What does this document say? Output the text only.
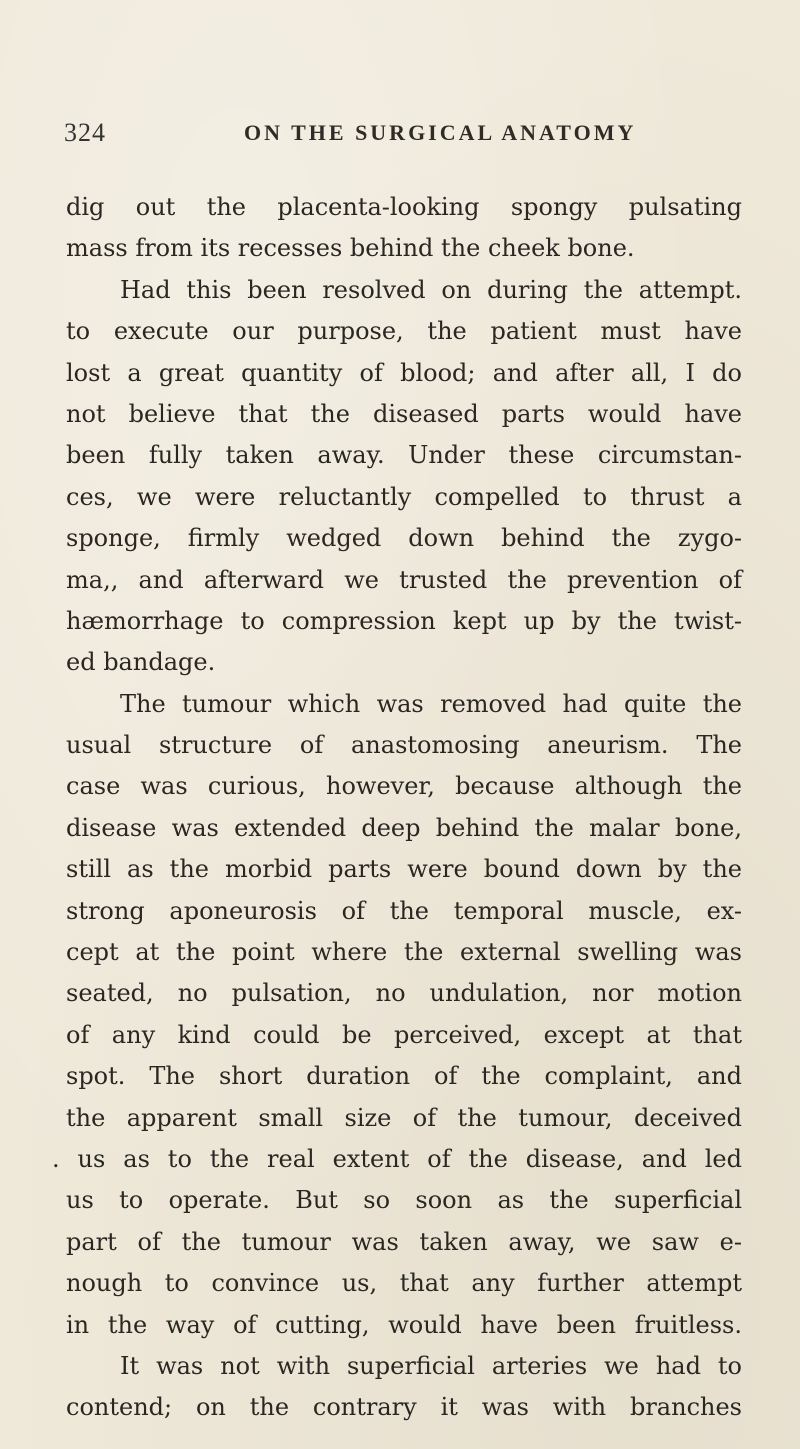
324	ON THE SURGICAL ANATOMY
dig out the placenta-looking spongy pulsating
mass from its recesses behind the cheek bone.
Had this been resolved on during the attempt.
to execute our purpose, the patient must have
lost a great quantity of blood; and after all, I do
not believe that the diseased parts would have
been fully taken away. Under these circumstan-
ces, we were reluctantly compelled to thrust a
sponge, firmly wedged down behind the zygo-
ma,, and afterward we trusted the prevention of
hæmorrhage to compression kept up by the twist-
ed bandage.
The tumour which was removed had quite the
usual structure of anastomosing aneurism. The
case was curious, however, because although the
disease was extended deep behind the malar bone,
still as the morbid parts were bound down by the
strong aponeurosis of the temporal muscle, ex-
cept at the point where the external swelling was
seated, no pulsation, no undulation, nor motion
of any kind could be perceived, except at that
spot. The short duration of the complaint, and
the apparent small size of the tumour, deceived
. us as to the real extent of the disease, and led
us to operate. But so soon as the superficial
part of the tumour was taken away, we saw e-
nough to convince us, that any further attempt
in the way of cutting, would have been fruitless.
It was not with superficial arteries we had to
contend; on the contrary it was with branches
